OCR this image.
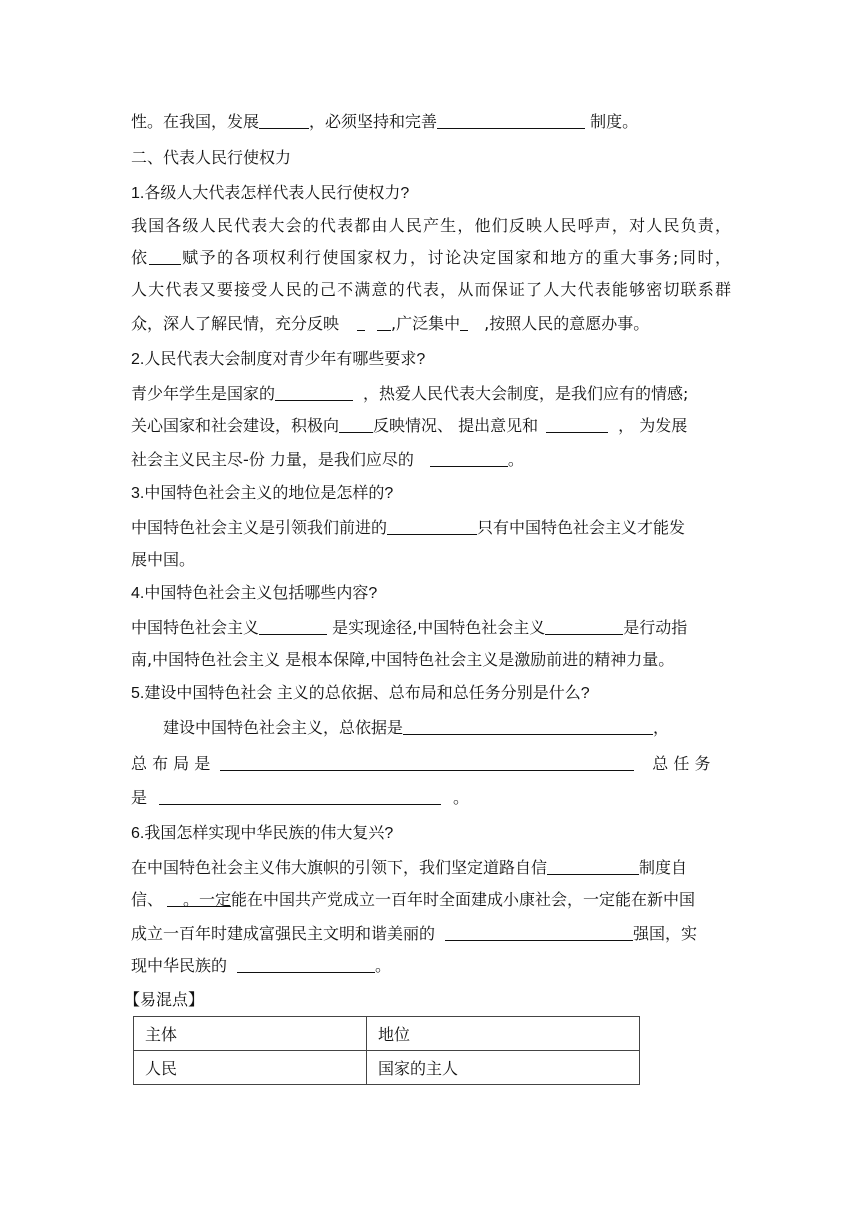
性。在我国，发展	，必须坚持和完善	制度。
二、代表人民行使权力
1.各级人大代表怎样代表人民行使权力?
我国各级人民代表大会的代表都由人民产生，他们反映人民呼声，对人民负责，
依 赋予的各项权利行使国家权力，讨论决定国家和地方的重大事务;同时，
人大代表又要接受人民的己不满意的代表，从而保证了人大代表能够密切联系群
众，深人了解民情，充分反映	,广泛集中 ,按照人民的意愿办事。
2.人民代表大会制度对青少年有哪些要求?
青少年学生是国家的	，热爱人民代表大会制度，是我们应有的情感;
关心国家和社会建设，积极向 反映情况、 提出意见和	， 为发展
社会主义民主尽-份 力量，是我们应尽的	。
3.中国特色社会主义的地位是怎样的?
中国特色社会主义是引领我们前进的	只有中国特色社会主义才能发
展中国。
4.中国特色社会主义包括哪些内容?
中国特色社会主义	是实现途径,中国特色社会主义	是行动指
南,中国特色社会主义 是根本保障,中国特色社会主义是激励前进的精神力量。
5.建设中国特色社会 主义的总依据、总布局和总任务分别是什么?
建设中国特色社会主义，总依据是	，
总 布 局 是	总 任 务
是	。
6.我国怎样实现中华民族的伟大复兴?
在中国特色社会主义伟大旗帜的引领下，我们坚定道路自信	制度自
信、 。一定能在中国共产党成立一百年时全面建成小康社会，一定能在新中国
成立一百年时建成富强民主文明和谐美丽的	强国，实
现中华民族的	。
【易混点】
主体	地位
人民	国家的主人
